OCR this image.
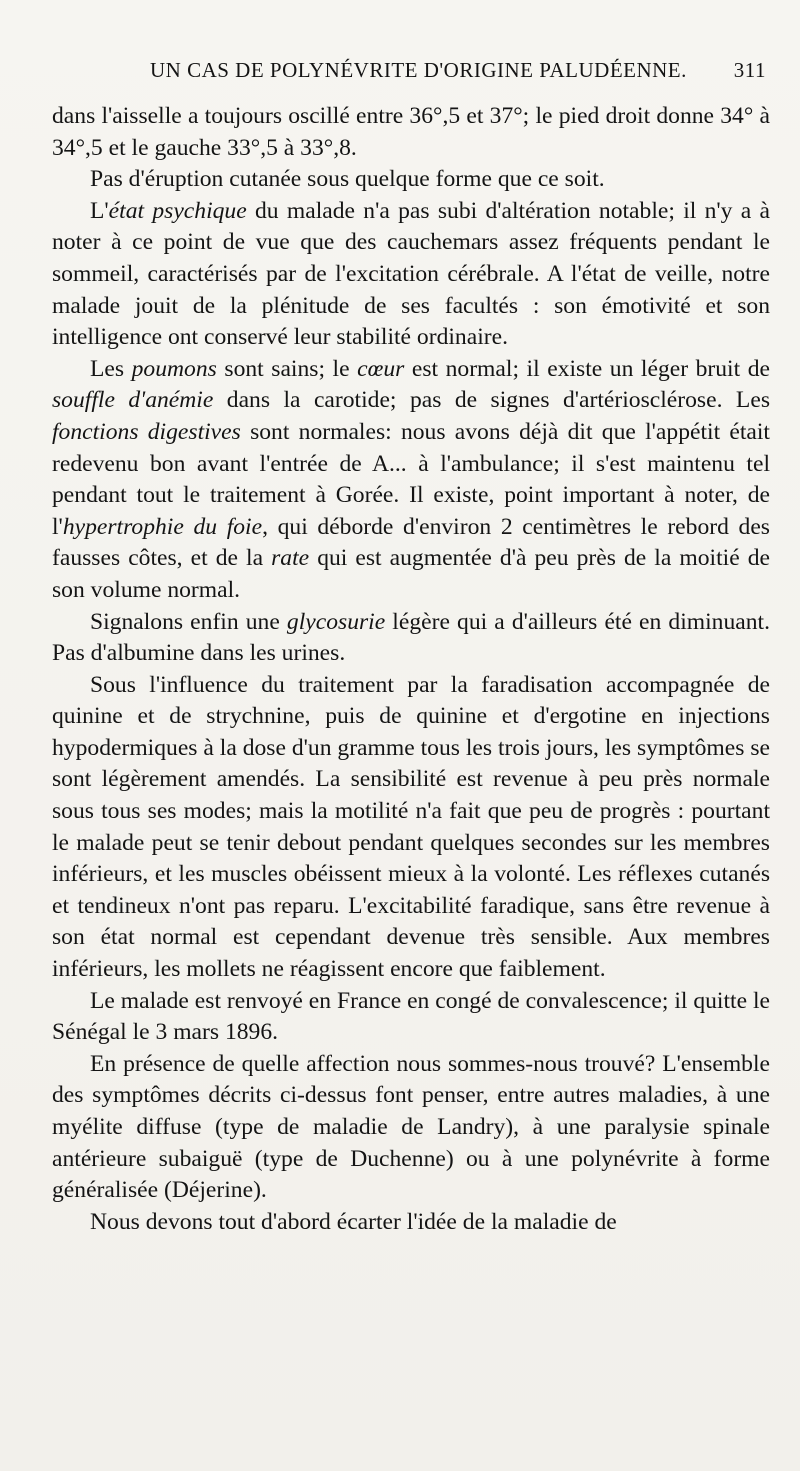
UN CAS DE POLYNÉVRITE D'ORIGINE PALUDÉENNE. 311

dans l'aisselle a toujours oscillé entre 36°,5 et 37°; le pied droit donne 34° à 34°,5 et le gauche 33°,5 à 33°,8.

Pas d'éruption cutanée sous quelque forme que ce soit.

L'état psychique du malade n'a pas subi d'altération notable; il n'y a à noter à ce point de vue que des cauchemars assez fréquents pendant le sommeil, caractérisés par de l'excitation cérébrale. A l'état de veille, notre malade jouit de la plénitude de ses facultés : son émotivité et son intelligence ont conservé leur stabilité ordinaire.

Les poumons sont sains; le cœur est normal; il existe un léger bruit de souffle d'anémie dans la carotide; pas de signes d'artériosclérose. Les fonctions digestives sont normales: nous avons déjà dit que l'appétit était redevenu bon avant l'entrée de A... à l'ambulance; il s'est maintenu tel pendant tout le traitement à Gorée. Il existe, point important à noter, de l'hypertrophie du foie, qui déborde d'environ 2 centimètres le rebord des fausses côtes, et de la rate qui est augmentée d'à peu près de la moitié de son volume normal.

Signalons enfin une glycosurie légère qui a d'ailleurs été en diminuant. Pas d'albumine dans les urines.

Sous l'influence du traitement par la faradisation accompagnée de quinine et de strychnine, puis de quinine et d'ergotine en injections hypodermiques à la dose d'un gramme tous les trois jours, les symptômes se sont légèrement amendés. La sensibilité est revenue à peu près normale sous tous ses modes; mais la motilité n'a fait que peu de progrès : pourtant le malade peut se tenir debout pendant quelques secondes sur les membres inférieurs, et les muscles obéissent mieux à la volonté. Les réflexes cutanés et tendineux n'ont pas reparu. L'excitabilité faradique, sans être revenue à son état normal est cependant devenue très sensible. Aux membres inférieurs, les mollets ne réagissent encore que faiblement.

Le malade est renvoyé en France en congé de convalescence; il quitte le Sénégal le 3 mars 1896.

En présence de quelle affection nous sommes-nous trouvé? L'ensemble des symptômes décrits ci-dessus font penser, entre autres maladies, à une myélite diffuse (type de maladie de Landry), à une paralysie spinale antérieure subaiguë (type de Duchenne) ou à une polynévrite à forme généralisée (Déjerine).

Nous devons tout d'abord écarter l'idée de la maladie de
